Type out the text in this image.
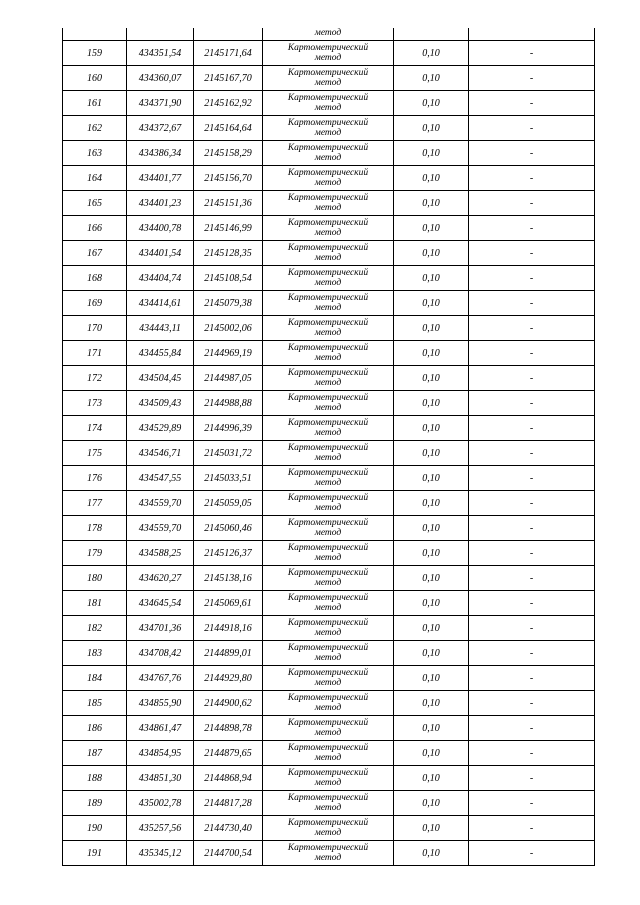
			метод		
159	434351,54	2145171,64	Картометрический
метод	0,10	-
160	434360,07	2145167,70	Картометрический
метод	0,10	-
161	434371,90	2145162,92	Картометрический
метод	0,10	-
162	434372,67	2145164,64	Картометрический
метод	0,10	-
163	434386,34	2145158,29	Картометрический
метод	0,10	-
164	434401,77	2145156,70	Картометрический
метод	0,10	-
165	434401,23	2145151,36	Картометрический
метод	0,10	-
166	434400,78	2145146,99	Картометрический
метод	0,10	-
167	434401,54	2145128,35	Картометрический
метод	0,10	-
168	434404,74	2145108,54	Картометрический
метод	0,10	-
169	434414,61	2145079,38	Картометрический
метод	0,10	-
170	434443,11	2145002,06	Картометрический
метод	0,10	-
171	434455,84	2144969,19	Картометрический
метод	0,10	-
172	434504,45	2144987,05	Картометрический
метод	0,10	-
173	434509,43	2144988,88	Картометрический
метод	0,10	-
174	434529,89	2144996,39	Картометрический
метод	0,10	-
175	434546,71	2145031,72	Картометрический
метод	0,10	-
176	434547,55	2145033,51	Картометрический
метод	0,10	-
177	434559,70	2145059,05	Картометрический
метод	0,10	-
178	434559,70	2145060,46	Картометрический
метод	0,10	-
179	434588,25	2145126,37	Картометрический
метод	0,10	-
180	434620,27	2145138,16	Картометрический
метод	0,10	-
181	434645,54	2145069,61	Картометрический
метод	0,10	-
182	434701,36	2144918,16	Картометрический
метод	0,10	-
183	434708,42	2144899,01	Картометрический
метод	0,10	-
184	434767,76	2144929,80	Картометрический
метод	0,10	-
185	434855,90	2144900,62	Картометрический
метод	0,10	-
186	434861,47	2144898,78	Картометрический
метод	0,10	-
187	434854,95	2144879,65	Картометрический
метод	0,10	-
188	434851,30	2144868,94	Картометрический
метод	0,10	-
189	435002,78	2144817,28	Картометрический
метод	0,10	-
190	435257,56	2144730,40	Картометрический
метод	0,10	-
191	435345,12	2144700,54	Картометрический
метод	0,10	-
